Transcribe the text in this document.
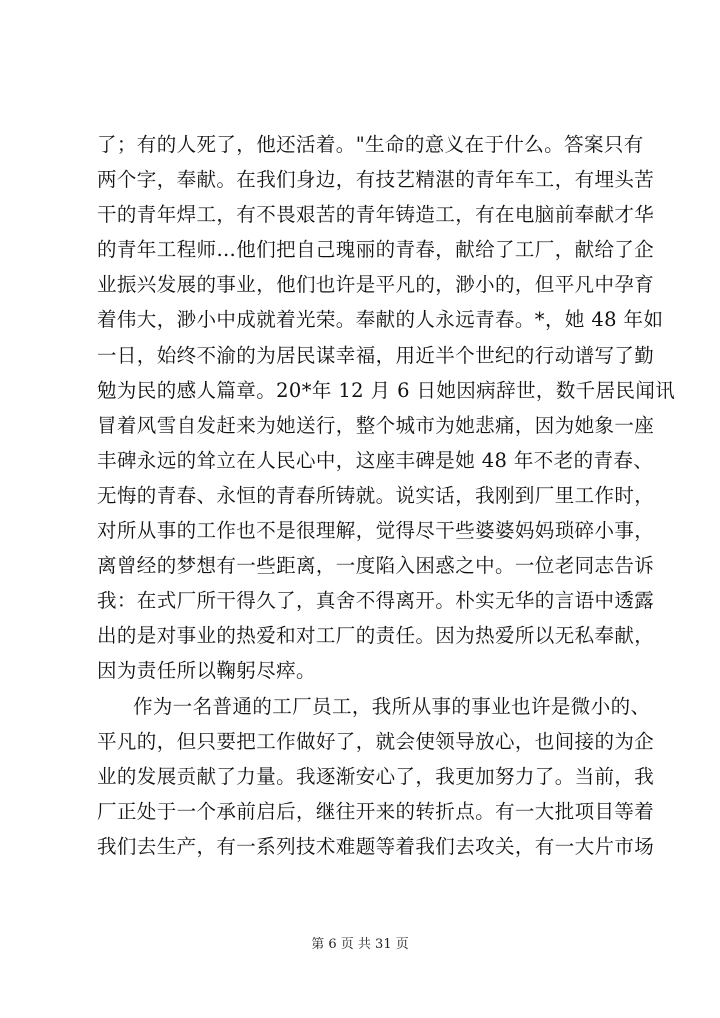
了；有的人死了，他还活着。"生命的意义在于什么。答案只有
两个字，奉献。在我们身边，有技艺精湛的青年车工，有埋头苦
干的青年焊工，有不畏艰苦的青年铸造工，有在电脑前奉献才华
的青年工程师…他们把自己瑰丽的青春，献给了工厂，献给了企
业振兴发展的事业，他们也许是平凡的，渺小的，但平凡中孕育
着伟大，渺小中成就着光荣。奉献的人永远青春。*，她 48 年如
一日，始终不渝的为居民谋幸福，用近半个世纪的行动谱写了勤
勉为民的感人篇章。20*年 12 月 6 日她因病辞世，数千居民闻讯
冒着风雪自发赶来为她送行，整个城市为她悲痛，因为她象一座
丰碑永远的耸立在人民心中，这座丰碑是她 48 年不老的青春、
无悔的青春、永恒的青春所铸就。说实话，我刚到厂里工作时，
对所从事的工作也不是很理解，觉得尽干些婆婆妈妈琐碎小事，
离曾经的梦想有一些距离，一度陷入困惑之中。一位老同志告诉
我：在式厂所干得久了，真舍不得离开。朴实无华的言语中透露
出的是对事业的热爱和对工厂的责任。因为热爱所以无私奉献，
因为责任所以鞠躬尽瘁。
作为一名普通的工厂员工，我所从事的事业也许是微小的、
平凡的，但只要把工作做好了，就会使领导放心，也间接的为企
业的发展贡献了力量。我逐渐安心了，我更加努力了。当前，我
厂正处于一个承前启后，继往开来的转折点。有一大批项目等着
我们去生产，有一系列技术难题等着我们去攻关，有一大片市场
第 6 页 共 31 页
